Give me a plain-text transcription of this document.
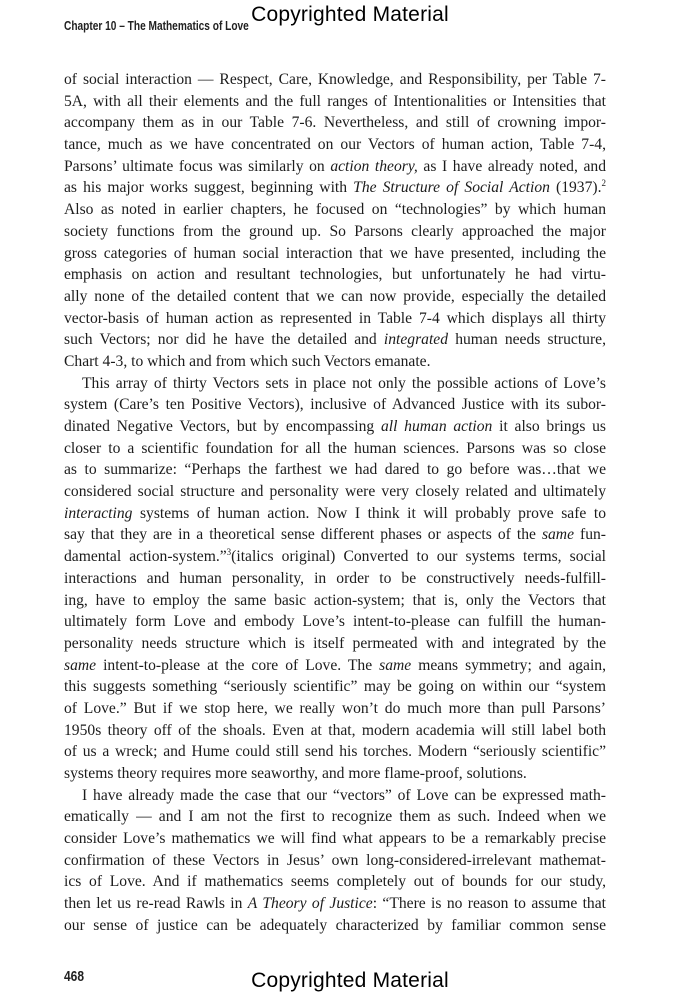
Copyrighted Material
Chapter 10 – The Mathematics of Love
of social interaction — Respect, Care, Knowledge, and Responsibility, per Table 7-
5A, with all their elements and the full ranges of Intentionalities or Intensities that
accompany them as in our Table 7-6. Nevertheless, and still of crowning impor-
tance, much as we have concentrated on our Vectors of human action, Table 7-4,
Parsons’ ultimate focus was similarly on action theory, as I have already noted, and
as his major works suggest, beginning with The Structure of Social Action (1937).$^2$
Also as noted in earlier chapters, he focused on “technologies” by which human
society functions from the ground up. So Parsons clearly approached the major
gross categories of human social interaction that we have presented, including the
emphasis on action and resultant technologies, but unfortunately he had virtu-
ally none of the detailed content that we can now provide, especially the detailed
vector-basis of human action as represented in Table 7-4 which displays all thirty
such Vectors; nor did he have the detailed and integrated human needs structure,
Chart 4-3, to which and from which such Vectors emanate.
This array of thirty Vectors sets in place not only the possible actions of Love’s
system (Care’s ten Positive Vectors), inclusive of Advanced Justice with its subor-
dinated Negative Vectors, but by encompassing all human action it also brings us
closer to a scientific foundation for all the human sciences. Parsons was so close
as to summarize: “Perhaps the farthest we had dared to go before was…that we
considered social structure and personality were very closely related and ultimately
interacting systems of human action. Now I think it will probably prove safe to
say that they are in a theoretical sense different phases or aspects of the same fun-
damental action-system.”$^3$(italics original) Converted to our systems terms, social
interactions and human personality, in order to be constructively needs-fulfill-
ing, have to employ the same basic action-system; that is, only the Vectors that
ultimately form Love and embody Love’s intent-to-please can fulfill the human-
personality needs structure which is itself permeated with and integrated by the
same intent-to-please at the core of Love. The same means symmetry; and again,
this suggests something “seriously scientific” may be going on within our “system
of Love.” But if we stop here, we really won’t do much more than pull Parsons’
1950s theory off of the shoals. Even at that, modern academia will still label both
of us a wreck; and Hume could still send his torches. Modern “seriously scientific”
systems theory requires more seaworthy, and more flame-proof, solutions.
I have already made the case that our “vectors” of Love can be expressed math-
ematically — and I am not the first to recognize them as such. Indeed when we
consider Love’s mathematics we will find what appears to be a remarkably precise
confirmation of these Vectors in Jesus’ own long-considered-irrelevant mathemat-
ics of Love. And if mathematics seems completely out of bounds for our study,
then let us re-read Rawls in A Theory of Justice: “There is no reason to assume that
our sense of justice can be adequately characterized by familiar common sense
468	Copyrighted Material
